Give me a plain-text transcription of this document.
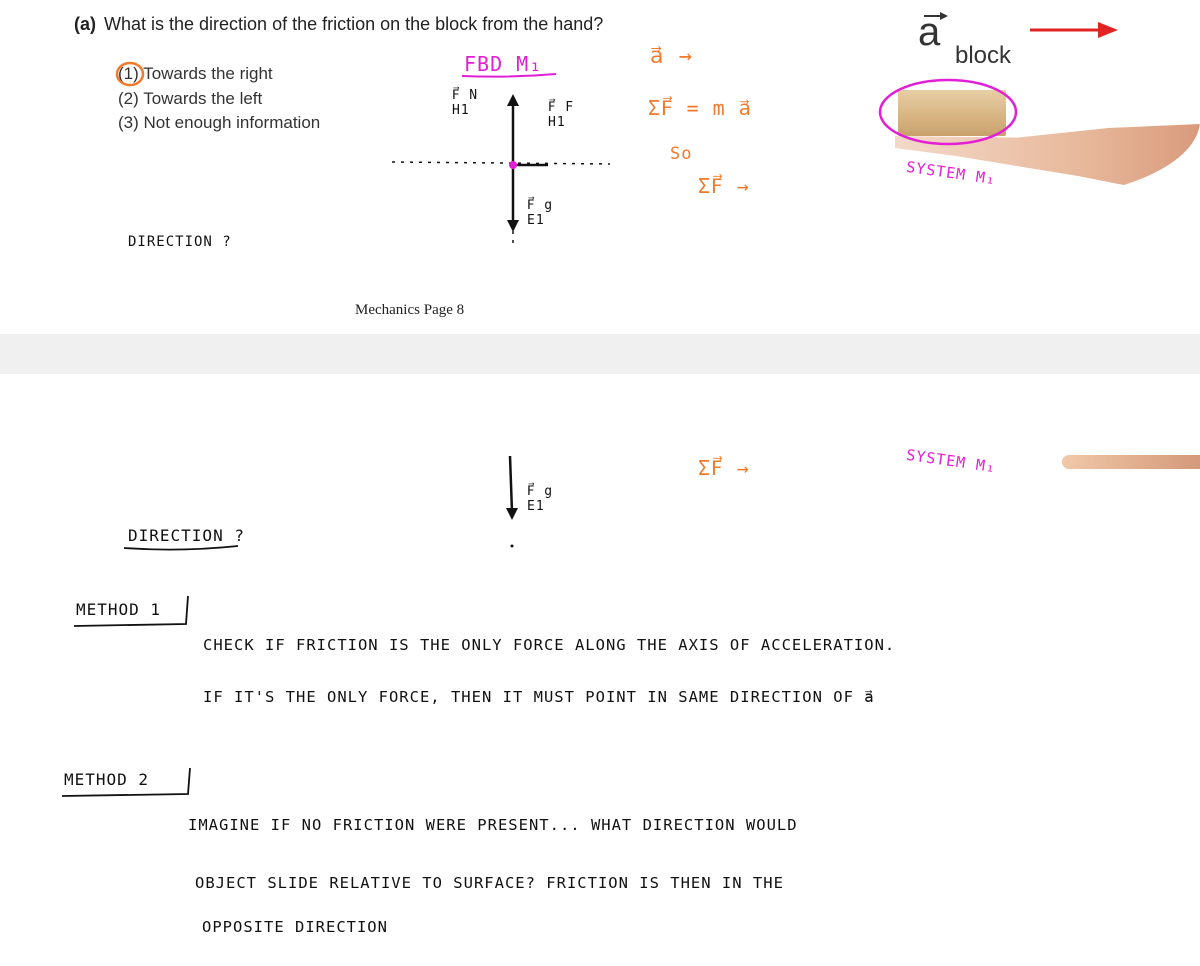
(a) What is the direction of the friction on the block from the hand?
(1) Towards the right
(2) Towards the left
(3) Not enough information
a
block
FBD M₁
F⃗ N H1	F⃗ F H1
F⃗ g E1
a⃗ →
ΣF⃗ = m a⃗
So
ΣF⃗ →	SYSTEM M₁
DIRECTION ?
Mechanics Page 8
ΣF⃗ →	SYSTEM M₁
F⃗ g E1
DIRECTION ?
METHOD 1
CHECK IF FRICTION IS THE ONLY FORCE ALONG THE AXIS OF ACCELERATION.
IF IT'S THE ONLY FORCE, THEN IT MUST POINT IN SAME DIRECTION OF a⃗
METHOD 2
IMAGINE IF NO FRICTION WERE PRESENT... WHAT DIRECTION WOULD
OBJECT SLIDE RELATIVE TO SURFACE? FRICTION IS THEN IN THE
OPPOSITE DIRECTION
